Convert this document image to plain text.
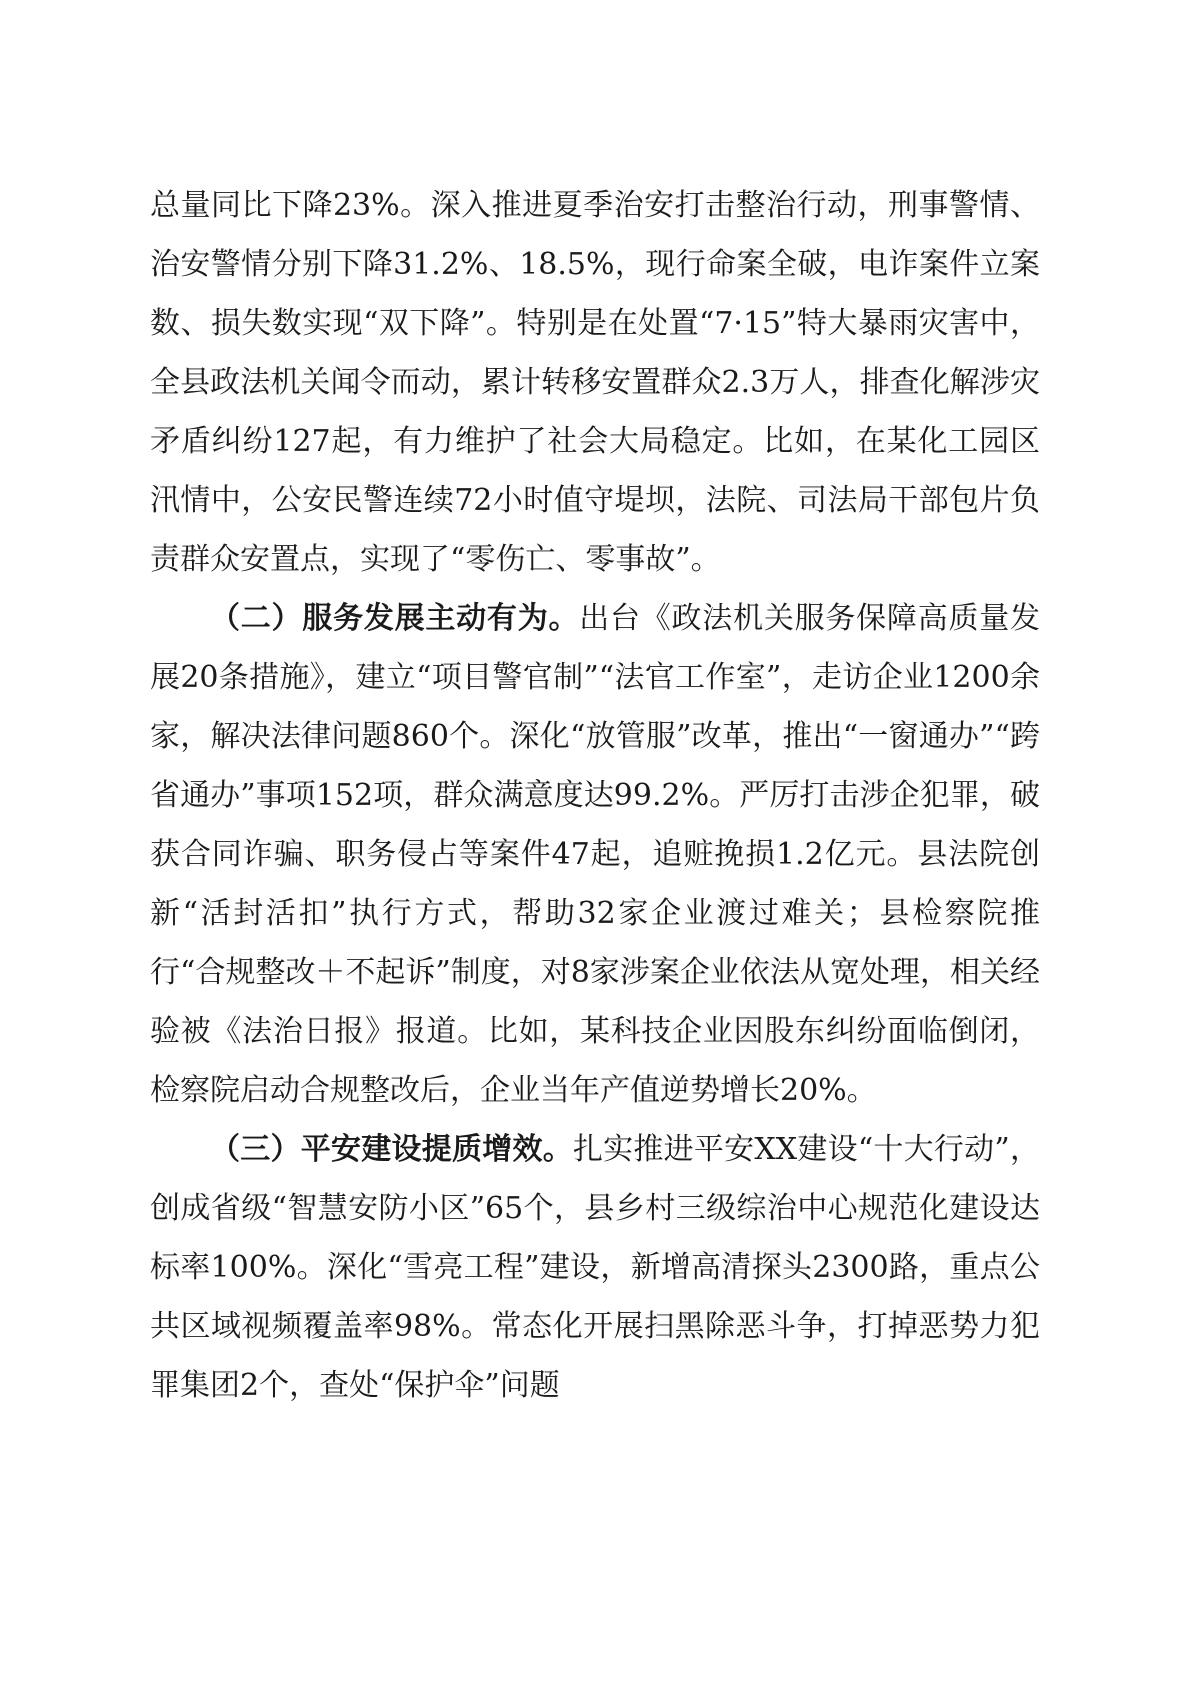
总量同比下降23%。深入推进夏季治安打击整治行动，刑事警情、治安警情分别下降31.2%、18.5%，现行命案全破，电诈案件立案数、损失数实现“双下降”。特别是在处置“7·15”特大暴雨灾害中，全县政法机关闻令而动，累计转移安置群众2.3万人，排查化解涉灾矛盾纠纷127起，有力维护了社会大局稳定。比如，在某化工园区汛情中，公安民警连续72小时值守堤坝，法院、司法局干部包片负责群众安置点，实现了“零伤亡、零事故”。

（二）服务发展主动有为。出台《政法机关服务保障高质量发展20条措施》，建立“项目警官制”“法官工作室”，走访企业1200余家，解决法律问题860个。深化“放管服”改革，推出“一窗通办”“跨省通办”事项152项，群众满意度达99.2%。严厉打击涉企犯罪，破获合同诈骗、职务侵占等案件47起，追赃挽损1.2亿元。县法院创新“活封活扣”执行方式，帮助32家企业渡过难关；县检察院推行“合规整改＋不起诉”制度，对8家涉案企业依法从宽处理，相关经验被《法治日报》报道。比如，某科技企业因股东纠纷面临倒闭，检察院启动合规整改后，企业当年产值逆势增长20%。

（三）平安建设提质增效。扎实推进平安XX建设“十大行动”，创成省级“智慧安防小区”65个，县乡村三级综治中心规范化建设达标率100%。深化“雪亮工程”建设，新增高清探头2300路，重点公共区域视频覆盖率98%。常态化开展扫黑除恶斗争，打掉恶势力犯罪集团2个，查处“保护伞”问题
